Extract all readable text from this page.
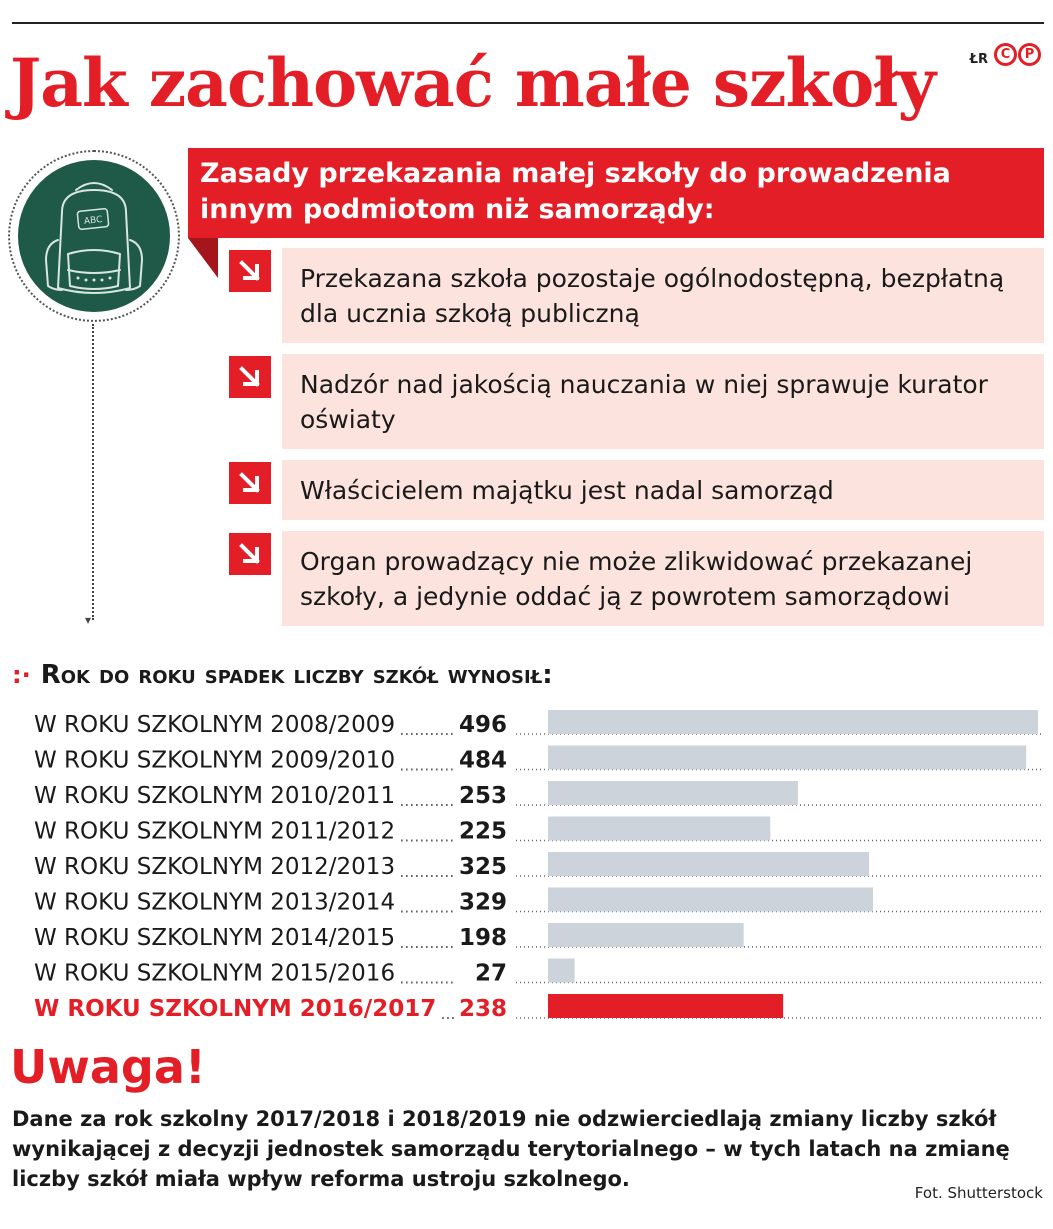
Jak zachować małe szkoły	ŁR C	P
ABC
▾
Zasady przekazania małej szkoły do prowadzenia innym podmiotom niż samorządy:
Przekazana szkoła pozostaje ogólnodostępną, bezpłatną dla ucznia szkołą publiczną
Nadzór nad jakością nauczania w niej sprawuje kurator oświaty
Właścicielem majątku jest nadal samorząd
Organ prowadzący nie może zlikwidować przekazanej szkoły, a jedynie oddać ją z powrotem samorządowi
:· Rok do roku spadek liczby szkół wynosił:
W ROKU SZKOLNYM 2008/2009	496
W ROKU SZKOLNYM 2009/2010	484
W ROKU SZKOLNYM 2010/2011	253
W ROKU SZKOLNYM 2011/2012	225
W ROKU SZKOLNYM 2012/2013	325
W ROKU SZKOLNYM 2013/2014	329
W ROKU SZKOLNYM 2014/2015	198
W ROKU SZKOLNYM 2015/2016	27
W ROKU SZKOLNYM 2016/2017 238
Uwaga!
Dane za rok szkolny 2017/2018 i 2018/2019 nie odzwierciedlają zmiany liczby szkół wynikającej z decyzji jednostek samorządu terytorialnego – w tych latach na zmianę liczby szkół miała wpływ reforma ustroju szkolnego.
Fot. Shutterstock
